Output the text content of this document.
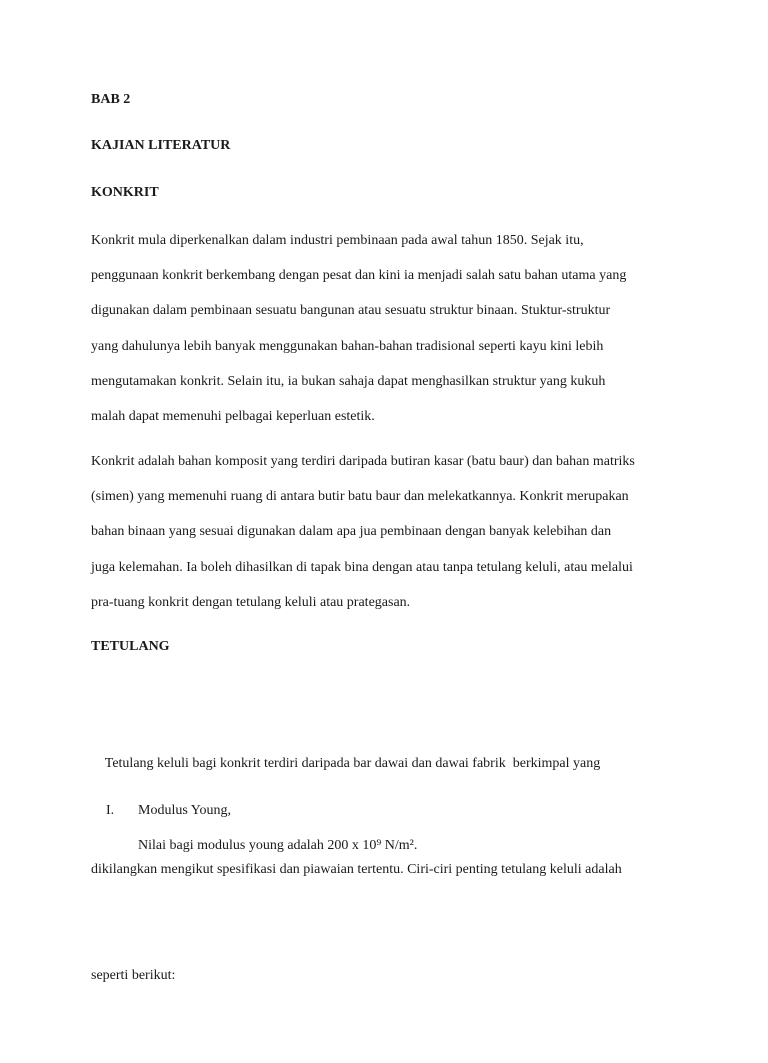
BAB 2
KAJIAN LITERATUR
KONKRIT
Konkrit mula diperkenalkan dalam industri pembinaan pada awal tahun 1850. Sejak itu,
penggunaan konkrit berkembang dengan pesat dan kini ia menjadi salah satu bahan utama yang
digunakan dalam pembinaan sesuatu bangunan atau sesuatu struktur binaan. Stuktur-struktur
yang dahulunya lebih banyak menggunakan bahan-bahan tradisional seperti kayu kini lebih
mengutamakan konkrit. Selain itu, ia bukan sahaja dapat menghasilkan struktur yang kukuh
malah dapat memenuhi pelbagai keperluan estetik.
Konkrit adalah bahan komposit yang terdiri daripada butiran kasar (batu baur) dan bahan matriks
(simen) yang memenuhi ruang di antara butir batu baur dan melekatkannya. Konkrit merupakan
bahan binaan yang sesuai digunakan dalam apa jua pembinaan dengan banyak kelebihan dan
juga kelemahan. Ia boleh dihasilkan di tapak bina dengan atau tanpa tetulang keluli, atau melalui
pra-tuang konkrit dengan tetulang keluli atau prategasan.
TETULANG

Tetulang keluli bagi konkrit terdiri daripada bar dawai dan dawai fabrik  berkimpal yang

dikilangkan mengikut spesifikasi dan piawaian tertentu. Ciri-ciri penting tetulang keluli adalah

seperti berikut:

I. Modulus Young,
Nilai bagi modulus young adalah 200 x 10⁹ N/m².
